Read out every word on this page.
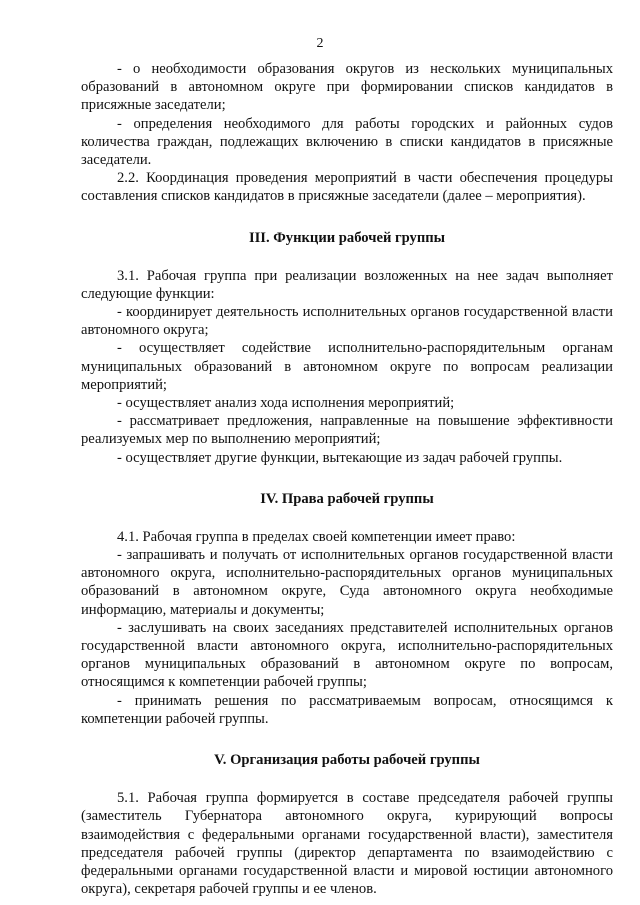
2

- о необходимости образования округов из нескольких муниципальных образований в автономном округе при формировании списков кандидатов в присяжные заседатели;

- определения необходимого для работы городских и районных судов количества граждан, подлежащих включению в списки кандидатов в присяжные заседатели.

2.2. Координация проведения мероприятий в части обеспечения процедуры составления списков кандидатов в присяжные заседатели (далее – мероприятия).

III. Функции рабочей группы

3.1. Рабочая группа при реализации возложенных на нее задач выполняет следующие функции:

- координирует деятельность исполнительных органов государственной власти автономного округа;

- осуществляет содействие исполнительно-распорядительным органам муниципальных образований в автономном округе по вопросам реализации мероприятий;

- осуществляет анализ хода исполнения мероприятий;

- рассматривает предложения, направленные на повышение эффективности реализуемых мер по выполнению мероприятий;

- осуществляет другие функции, вытекающие из задач рабочей группы.

IV. Права рабочей группы

4.1. Рабочая группа в пределах своей компетенции имеет право:

- запрашивать и получать от исполнительных органов государственной власти автономного округа, исполнительно-распорядительных органов муниципальных образований в автономном округе, Суда автономного округа необходимые информацию, материалы и документы;

- заслушивать на своих заседаниях представителей исполнительных органов государственной власти автономного округа, исполнительно-распорядительных органов муниципальных образований в автономном округе по вопросам, относящимся к компетенции рабочей группы;

- принимать решения по рассматриваемым вопросам, относящимся к компетенции рабочей группы.

V. Организация работы рабочей группы

5.1. Рабочая группа формируется в составе председателя рабочей группы (заместитель Губернатора автономного округа, курирующий вопросы взаимодействия с федеральными органами государственной власти), заместителя председателя рабочей группы (директор департамента по взаимодействию с федеральными органами государственной власти и мировой юстиции автономного округа), секретаря рабочей группы и ее членов.
